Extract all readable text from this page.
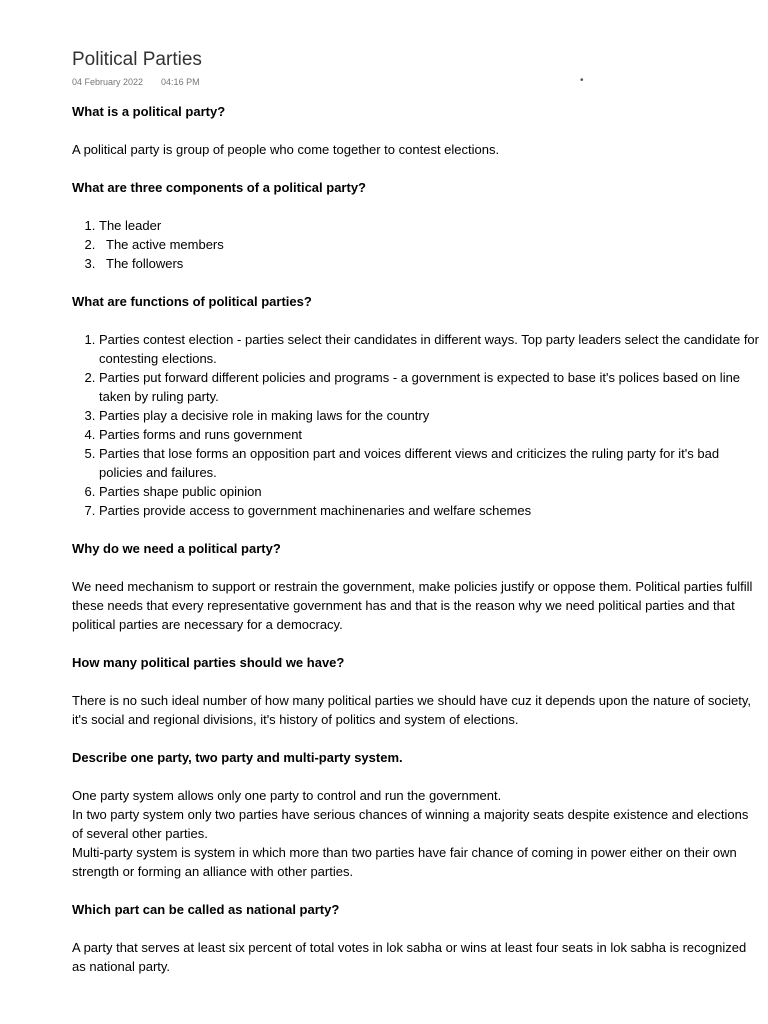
Political Parties
04 February 2022 04:16 PM	•

What is a political party?

A political party is group of people who come together to contest elections.

What are three components of a political party?

1. The leader
2. The active members
3. The followers

What are functions of political parties?

1. Parties contest election - parties select their candidates in different ways. Top party leaders select the candidate for contesting elections.
2. Parties put forward different policies and programs - a government is expected to base it's polices based on line taken by ruling party.
3. Parties play a decisive role in making laws for the country
4. Parties forms and runs government
5. Parties that lose forms an opposition part and voices different views and criticizes the ruling party for it's bad policies and failures.
6. Parties shape public opinion
7. Parties provide access to government machinenaries and welfare schemes

Why do we need a political party?

We need mechanism to support or restrain the government, make policies justify or oppose them. Political parties fulfill these needs that every representative government has and that is the reason why we need political parties and that political parties are necessary for a democracy.

How many political parties should we have?

There is no such ideal number of how many political parties we should have cuz it depends upon the nature of society, it's social and regional divisions, it's history of politics and system of elections.

Describe one party, two party and multi-party system.

One party system allows only one party to control and run the government.

In two party system only two parties have serious chances of winning a majority seats despite existence and elections of several other parties.

Multi-party system is system in which more than two parties have fair chance of coming in power either on their own strength or forming an alliance with other parties.

Which part can be called as national party?

A party that serves at least six percent of total votes in lok sabha or wins at least four seats in lok sabha is recognized as national party.
